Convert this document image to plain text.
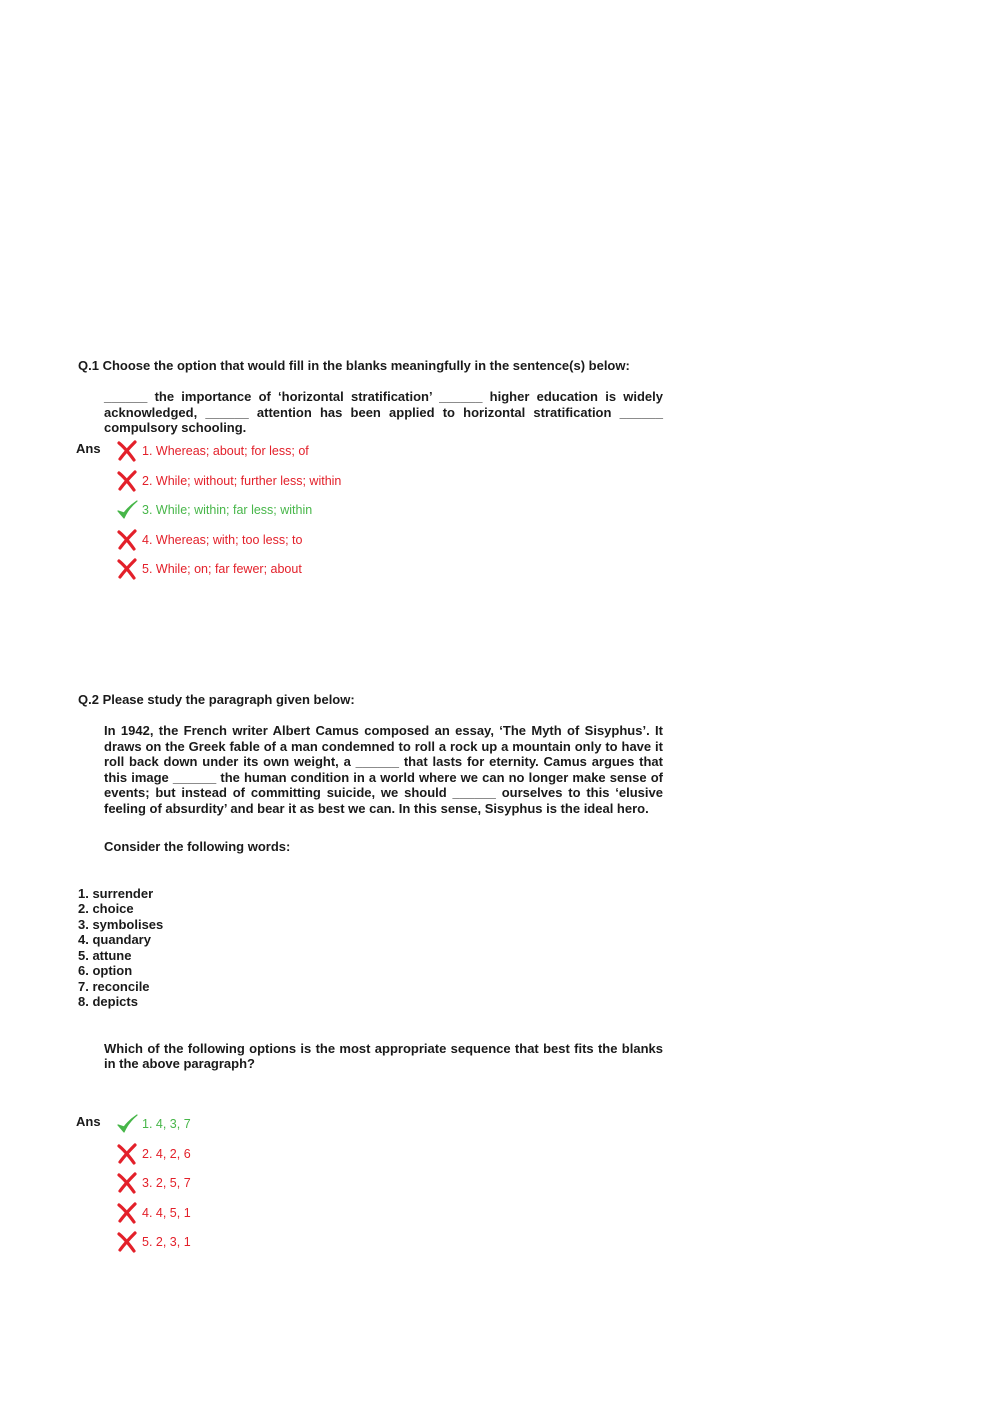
Q.1 Choose the option that would fill in the blanks meaningfully in the sentence(s) below:

______ the importance of ‘horizontal stratification’ ______ higher education is widely acknowledged, ______ attention has been applied to horizontal stratification ______ compulsory schooling.
Ans	1. Whereas; about; for less; of
2. While; without; further less; within
3. While; within; far less; within
4. Whereas; with; too less; to
5. While; on; far fewer; about

Q.2 Please study the paragraph given below:

In 1942, the French writer Albert Camus composed an essay, ‘The Myth of Sisyphus’. It draws on the Greek fable of a man condemned to roll a rock up a mountain only to have it roll back down under its own weight, a ______ that lasts for eternity. Camus argues that this image ______ the human condition in a world where we can no longer make sense of events; but instead of committing suicide, we should ______ ourselves to this ‘elusive feeling of absurdity’ and bear it as best we can. In this sense, Sisyphus is the ideal hero.
Consider the following words:
1. surrender
2. choice
3. symbolises
4. quandary
5. attune
6. option
7. reconcile
8. depicts
Which of the following options is the most appropriate sequence that best fits the blanks in the above paragraph?
Ans	1. 4, 3, 7
2. 4, 2, 6
3. 2, 5, 7
4. 4, 5, 1
5. 2, 3, 1
